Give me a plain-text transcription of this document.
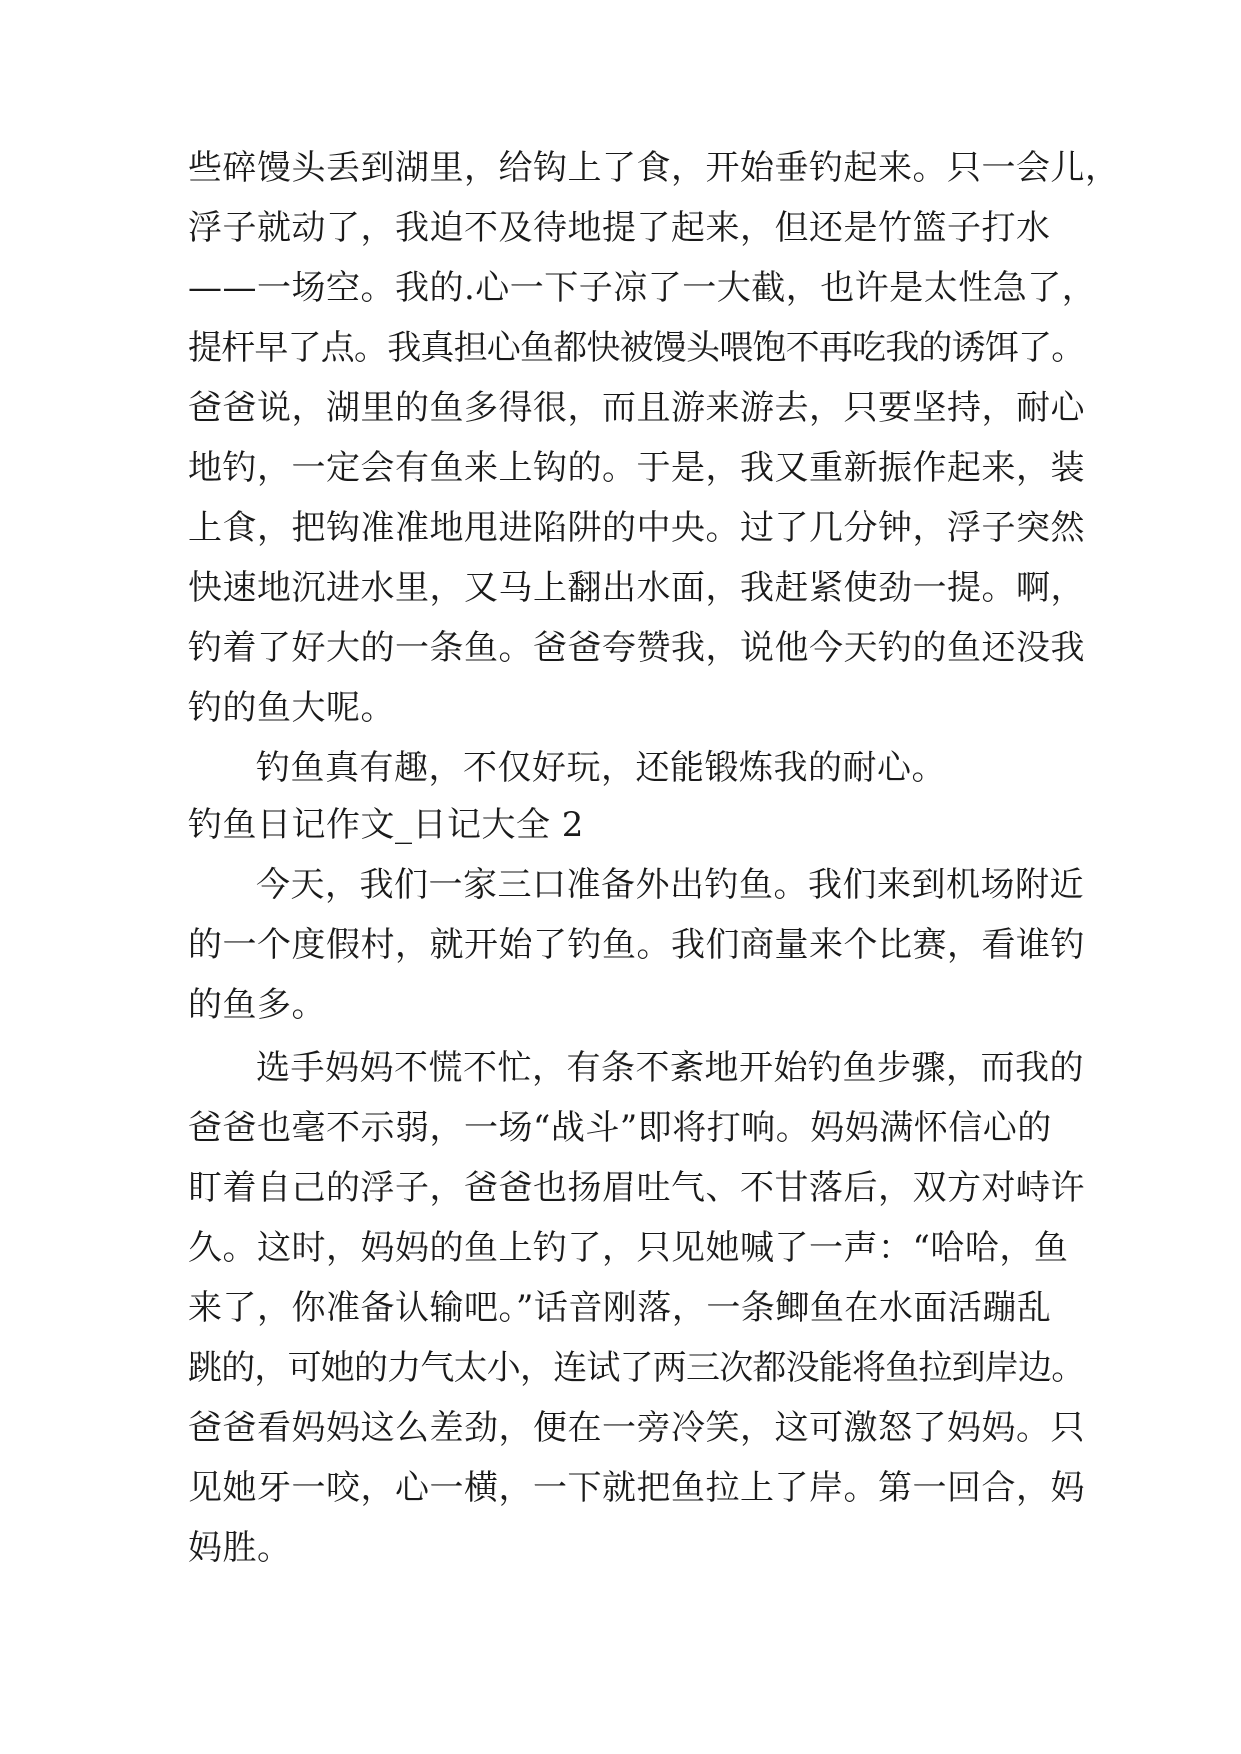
些碎馒头丢到湖里，给钩上了食，开始垂钓起来。只一会儿，
浮子就动了，我迫不及待地提了起来，但还是竹篮子打水
——一场空。我的.心一下子凉了一大截，也许是太性急了，
提杆早了点。我真担心鱼都快被馒头喂饱不再吃我的诱饵了。
爸爸说，湖里的鱼多得很，而且游来游去，只要坚持，耐心
地钓，一定会有鱼来上钩的。于是，我又重新振作起来，装
上食，把钩准准地甩进陷阱的中央。过了几分钟，浮子突然
快速地沉进水里，又马上翻出水面，我赶紧使劲一提。啊，
钓着了好大的一条鱼。爸爸夸赞我，说他今天钓的鱼还没我
钓的鱼大呢。
钓鱼真有趣，不仅好玩，还能锻炼我的耐心。
钓鱼日记作文_日记大全 2
今天，我们一家三口准备外出钓鱼。我们来到机场附近
的一个度假村，就开始了钓鱼。我们商量来个比赛，看谁钓
的鱼多。
选手妈妈不慌不忙，有条不紊地开始钓鱼步骤，而我的
爸爸也毫不示弱，一场“战斗”即将打响。妈妈满怀信心的
盯着自己的浮子，爸爸也扬眉吐气、不甘落后，双方对峙许
久。这时，妈妈的鱼上钓了，只见她喊了一声：“哈哈，鱼
来了，你准备认输吧。”话音刚落，一条鲫鱼在水面活蹦乱
跳的，可她的力气太小，连试了两三次都没能将鱼拉到岸边。
爸爸看妈妈这么差劲，便在一旁冷笑，这可激怒了妈妈。只
见她牙一咬，心一横，一下就把鱼拉上了岸。第一回合，妈
妈胜。
